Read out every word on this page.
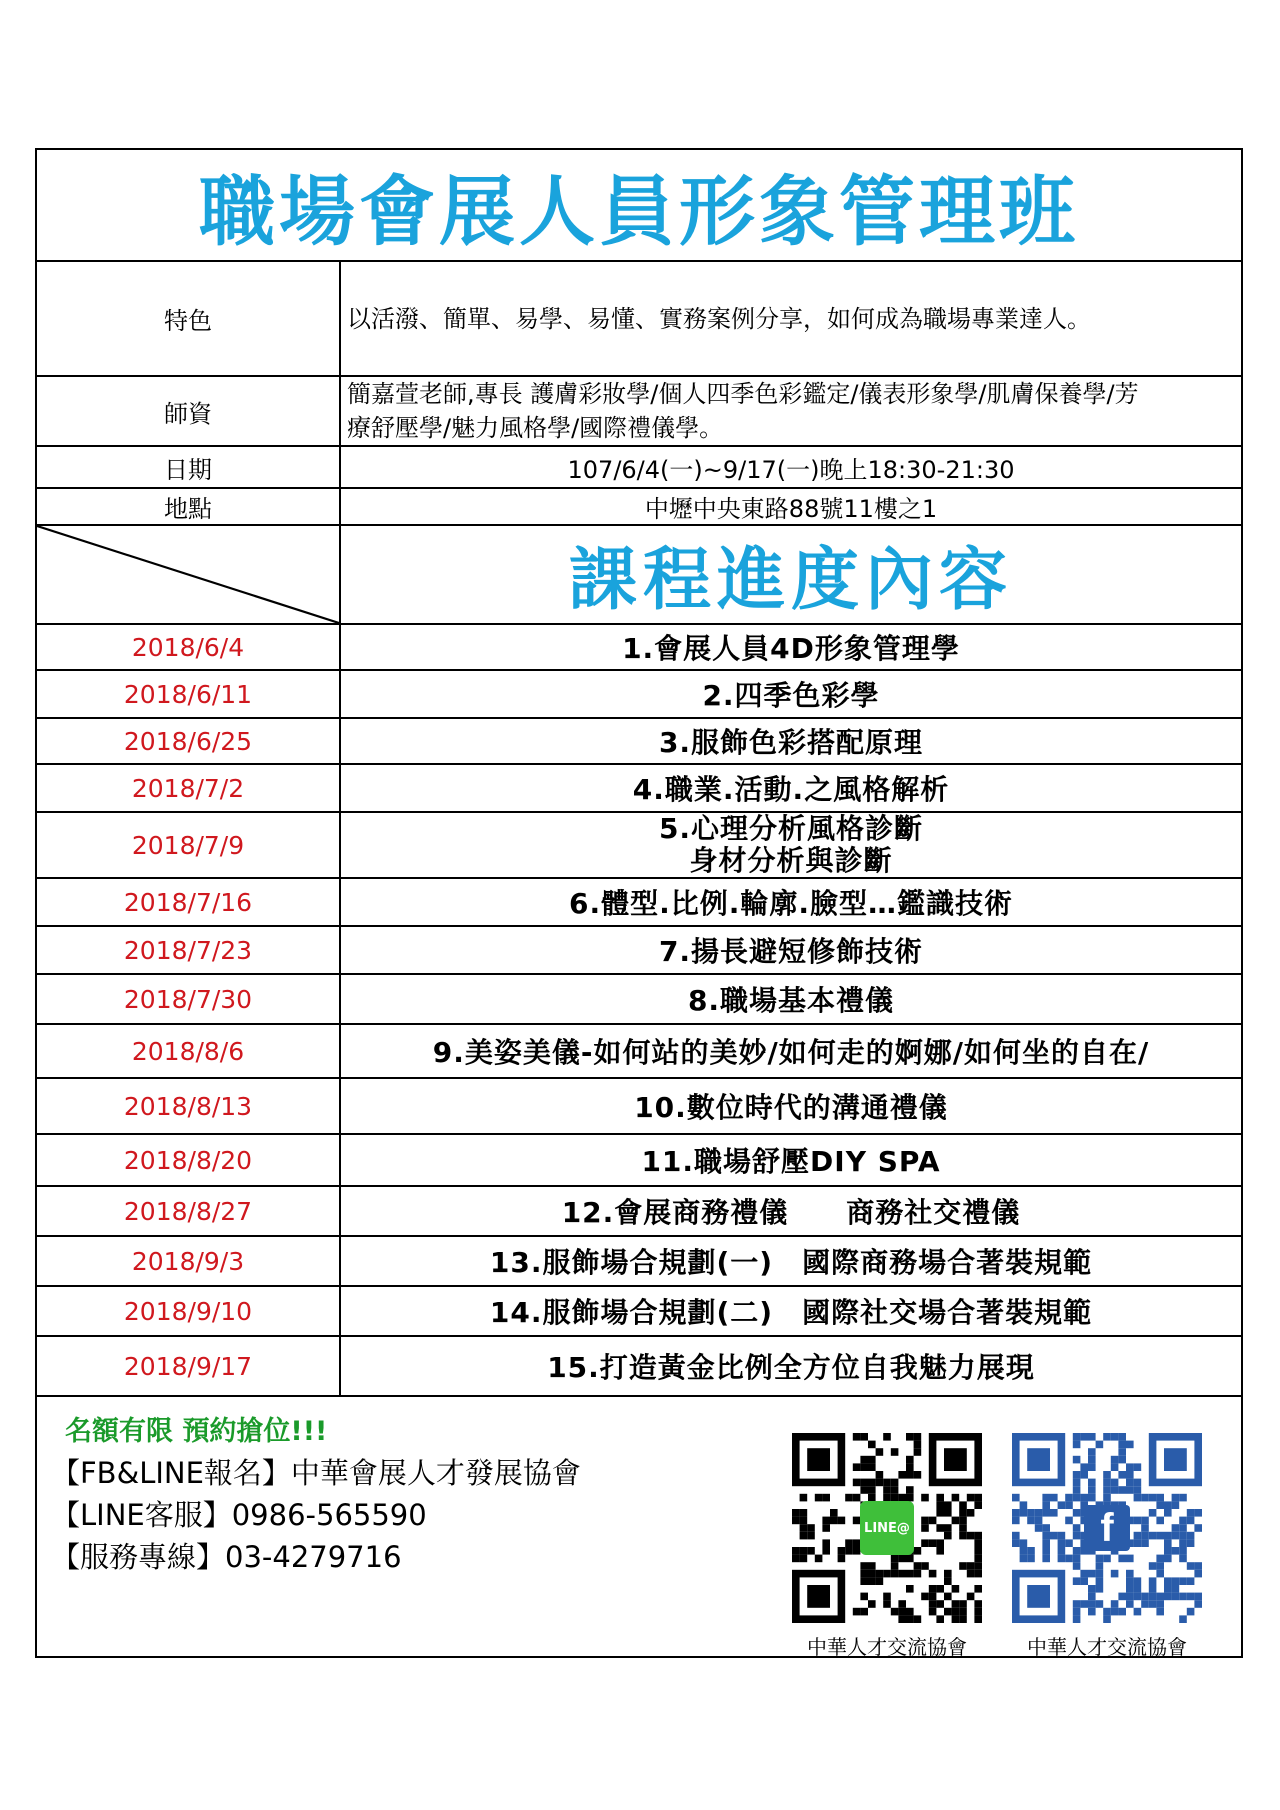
職場會展人員形象管理班
特色	以活潑、簡單、易學、易懂、實務案例分享，如何成為職場專業達人。
師資	簡嘉萱老師,專長 護膚彩妝學/個人四季色彩鑑定/儀表形象學/肌膚保養學/芳
療舒壓學/魅力風格學/國際禮儀學。

日期	107/6/4(一)~9/17(一)晚上18:30-21:30
地點	中壢中央東路88號11樓之1

	課程進度內容
2018/6/4	1.會展人員4D形象管理學
2018/6/11	2.四季色彩學
2018/6/25	3.服飾色彩搭配原理
2018/7/2	4.職業.活動.之風格解析
2018/7/9	5.心理分析風格診斷
身材分析與診斷

2018/7/16	6.體型.比例.輪廓.臉型…鑑識技術
2018/7/23	7.揚長避短修飾技術
2018/7/30	8.職場基本禮儀
2018/8/6	9.美姿美儀-如何站的美妙/如何走的婀娜/如何坐的自在/
2018/8/13	10.數位時代的溝通禮儀
2018/8/20	11.職場舒壓DIY SPA
2018/8/27	12.會展商務禮儀　　商務社交禮儀
2018/9/3	13.服飾場合規劃(一)　國際商務場合著裝規範
2018/9/10	14.服飾場合規劃(二)　國際社交場合著裝規範
2018/9/17	15.打造黃金比例全方位自我魅力展現
名額有限 預約搶位!!!
【FB&LINE報名】中華會展人才發展協會
【LINE客服】0986-565590
【服務專線】03-4279716
LINE@
中華人才交流協會
f
中華人才交流協會
